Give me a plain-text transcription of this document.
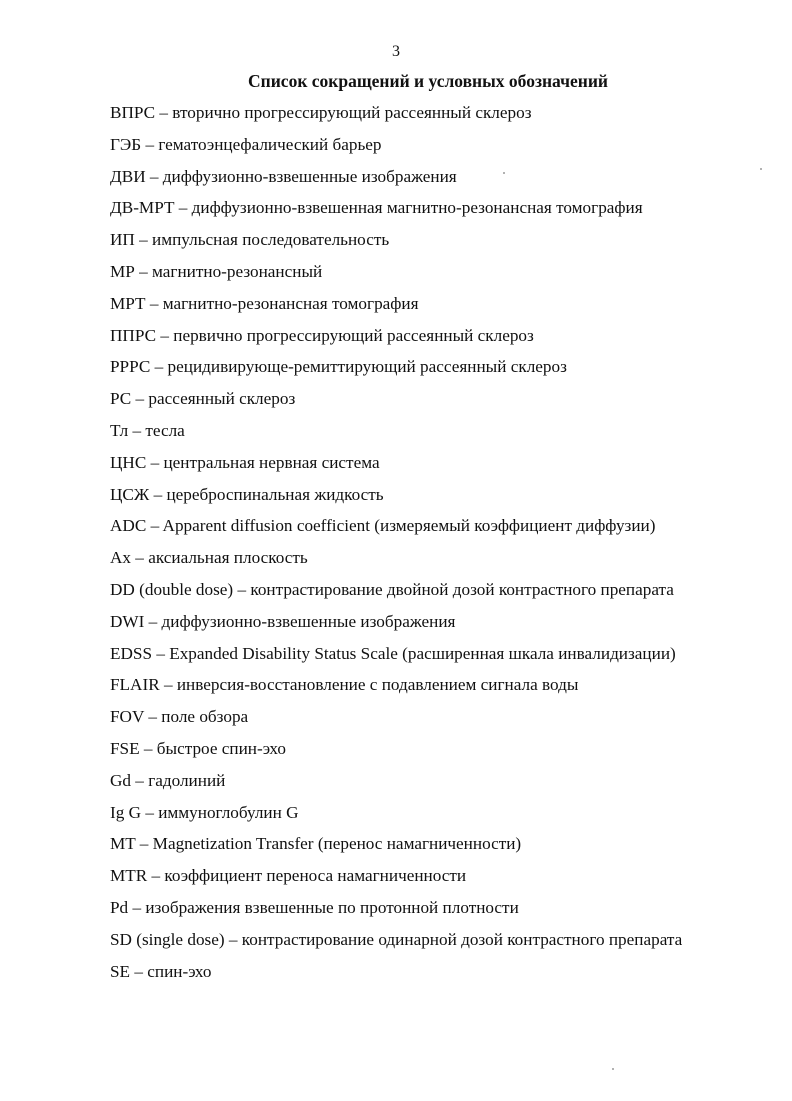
3
Список сокращений и условных обозначений
ВПРС – вторично прогрессирующий рассеянный склероз
ГЭБ – гематоэнцефалический барьер
ДВИ – диффузионно-взвешенные изображения
ДВ-МРТ – диффузионно-взвешенная магнитно-резонансная томография
ИП – импульсная последовательность
МР – магнитно-резонансный
МРТ – магнитно-резонансная томография
ППРС – первично прогрессирующий рассеянный склероз
РРРС – рецидивирующе-ремиттирующий рассеянный склероз
РС – рассеянный склероз
Тл – тесла
ЦНС – центральная нервная система
ЦСЖ – цереброспинальная жидкость
ADC – Apparent diffusion coefficient (измеряемый коэффициент диффузии)
Ax – аксиальная плоскость
DD (double dose) – контрастирование двойной дозой контрастного препарата
DWI – диффузионно-взвешенные изображения
EDSS – Expanded Disability Status Scale (расширенная шкала инвалидизации)
FLAIR – инверсия-восстановление с подавлением сигнала воды
FOV – поле обзора
FSE – быстрое спин-эхо
Gd – гадолиний
Ig G – иммуноглобулин G
MT – Magnetization Transfer (перенос намагниченности)
MTR – коэффициент переноса намагниченности
Pd – изображения взвешенные по протонной плотности
SD (single dose) – контрастирование одинарной дозой контрастного препарата
SE – спин-эхо
